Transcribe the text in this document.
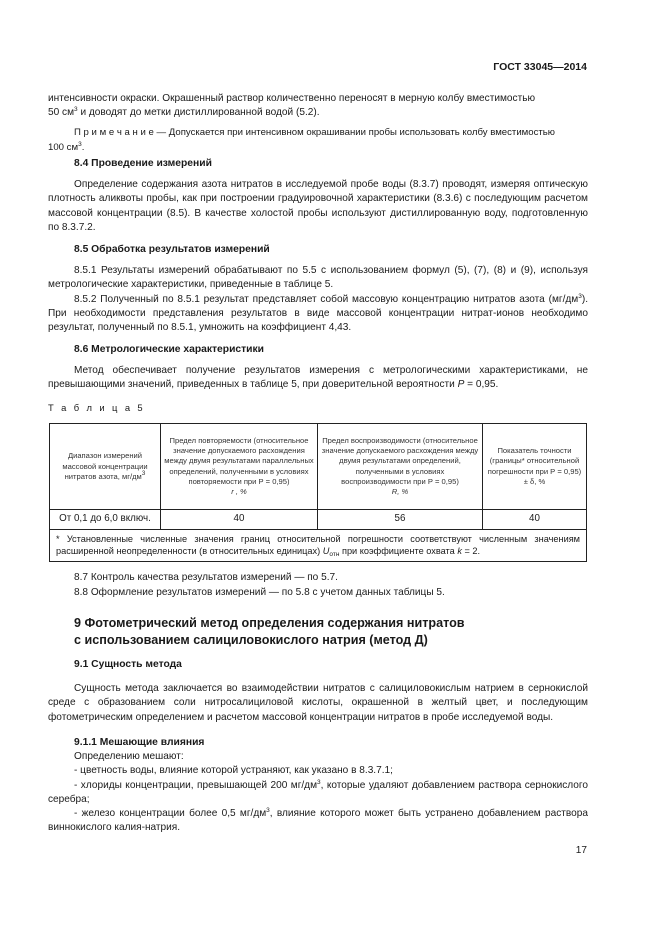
ГОСТ 33045—2014

интенсивности окраски. Окрашенный раствор количественно переносят в мерную колбу вместимостью
50 $см^3$ и доводят до метки дистиллированной водой (5.2).

П р и м е ч а н и е — Допускается при интенсивном окрашивании пробы использовать колбу вместимостью

100 $см^3$.

8.4 Проведение измерений

Определение содержания азота нитратов в исследуемой пробе воды (8.3.7) проводят, измеряя оптическую плотность аликвоты пробы, как при построении градуировочной характеристики (8.3.6) с последующим расчетом массовой концентрации (8.5). В качестве холостой пробы используют дистиллированную воду, подготовленную по 8.3.7.2.

8.5 Обработка результатов измерений

8.5.1 Результаты измерений обрабатывают по 5.5 с использованием формул (5), (7), (8) и (9), используя метрологические характеристики, приведенные в таблице 5.

8.5.2 Полученный по 8.5.1 результат представляет собой массовую концентрацию нитратов азота $(мг/дм^3)$. При необходимости представления результатов в виде массовой концентрации нитрат-ионов необходимо результат, полученный по 8.5.1, умножить на коэффициент 4,43.

8.6 Метрологические характеристики

Метод обеспечивает получение результатов измерения с метрологическими характеристиками, не превышающими значений, приведенных в таблице 5, при доверительной вероятности P = 0,95.

Т а б л и ц а 5

Диапазон измерений массовой концентрации нитратов азота, $мг/дм^3$	Предел повторяемости (относительное значение допускаемого расхождения между двумя результатами параллельных определений, полученными в условиях повторяемости при Р = 0,95)
r , %	Предел воспроизводимости (относительное значение допускаемого расхождения между двумя результатами определений, полученными в условиях воспроизводимости при Р = 0,95)
R, %	Показатель точности (границы* относительной погрешности при Р = 0,95)
± δ, %
От 0,1 до 6,0 включ.	40	56	40
* Установленные численные значения границ относительной погрешности соответствуют численным значениям расширенной неопределенности (в относительных единицах) $U_{отн}$ при коэффициенте охвата k = 2.			

8.7 Контроль качества результатов измерений — по 5.7.

8.8 Оформление результатов измерений — по 5.8 с учетом данных таблицы 5.

9 Фотометрический метод определения содержания нитратов

с использованием салициловокислого натрия (метод Д)

9.1 Сущность метода

Сущность метода заключается во взаимодействии нитратов с салициловокислым натрием в сернокислой среде с образованием соли нитросалициловой кислоты, окрашенной в желтый цвет, и последующим фотометрическим определением и расчетом массовой концентрации нитратов в пробе исследуемой воды.

9.1.1 Мешающие влияния

Определению мешают:

- цветность воды, влияние которой устраняют, как указано в 8.3.7.1;

- хлориды концентрации, превышающей 200 $мг/дм^3$, которые удаляют добавлением раствора сернокислого серебра;

- железо концентрации более 0,5 $мг/дм^3$, влияние которого может быть устранено добавлением раствора виннокислого калия-натрия.

17
